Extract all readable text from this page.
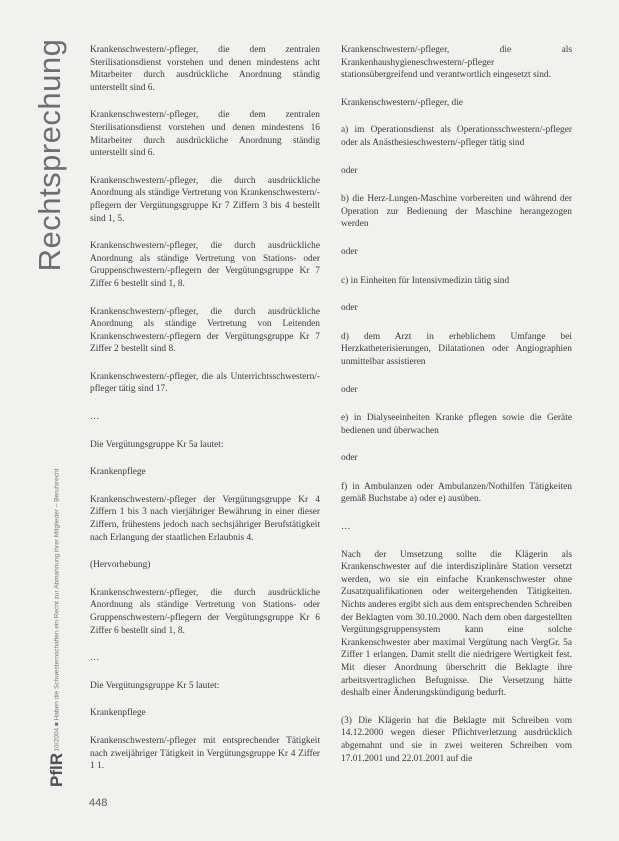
Rechtsprechung
10/2004 ■ Haben die Schwesternschaften ein Recht zur Abmahnung ihrer Mitglieder – Berufsrecht
PflR

Krankenschwestern/-pfleger, die dem zentralen Sterilisationsdienst vorstehen und denen mindestens acht Mitarbeiter durch ausdrückliche Anordnung ständig unterstellt sind 6.

Krankenschwestern/-pfleger, die dem zentralen Sterilisationsdienst vorstehen und denen mindestens 16 Mitarbeiter durch ausdrückliche Anordnung ständig unterstellt sind 6.

Krankenschwestern/-pfleger, die durch ausdrückliche Anordnung als ständige Vertretung von Krankenschwestern/-pflegern der Vergütungsgruppe Kr 7 Ziffern 3 bis 4 bestellt sind 1, 5.

Krankenschwestern/-pfleger, die durch ausdrückliche Anordnung als ständige Vertretung von Stations- oder Gruppenschwestern/-pflegern der Vergütungsgruppe Kr 7 Ziffer 6 bestellt sind 1, 8.

Krankenschwestern/-pfleger, die durch ausdrückliche Anordnung als ständige Vertretung von Leitenden Krankenschwestern/-pflegern der Vergütungsgruppe Kr 7 Ziffer 2 bestellt sind 8.

Krankenschwestern/-pfleger, die als Unterrichtsschwestern/-pfleger tätig sind 17.

…

Die Vergütungsgruppe Kr 5a lautet:

Krankenpflege

Krankenschwestern/-pfleger der Vergütungsgruppe Kr 4 Ziffern 1 bis 3 nach vierjähriger Bewährung in einer dieser Ziffern, frühestens jedoch nach sechsjähriger Berufstätigkeit nach Erlangung der staatlichen Erlaubnis 4.

(Hervorhebung)

Krankenschwestern/-pfleger, die durch ausdrückliche Anordnung als ständige Vertretung von Stations- oder Gruppenschwestern/-pflegern der Vergütungsgruppe Kr 6 Ziffer 6 bestellt sind 1, 8.

…

Die Vergütungsgruppe Kr 5 lautet:

Krankenpflege

Krankenschwestern/-pfleger mit entsprechender Tätigkeit nach zweijähriger Tätigkeit in Vergütungsgruppe Kr 4 Ziffer 1 1.

Krankenschwestern/-pfleger, die als Krankenhaushygieneschwestern/-pfleger stationsübergreifend und verantwortlich eingesetzt sind.

Krankenschwestern/-pfleger, die

a) im Operationsdienst als Operationsschwestern/-pfleger oder als Anästhesieschwestern/-pfleger tätig sind

oder

b) die Herz-Lungen-Maschine vorbereiten und während der Operation zur Bedienung der Maschine herangezogen werden

oder

c) in Einheiten für Intensivmedizin tätig sind

oder

d) dem Arzt in erheblichem Umfange bei Herzkatheterisierungen, Dilatationen oder Angiographien unmittelbar assistieren

oder

e) in Dialyseeinheiten Kranke pflegen sowie die Geräte bedienen und überwachen

oder

f) in Ambulanzen oder Ambulanzen/Nothilfen Tätigkeiten gemäß Buchstabe a) oder e) ausüben.

…

Nach der Umsetzung sollte die Klägerin als Krankenschwester auf die interdisziplinäre Station versetzt werden, wo sie ein einfache Krankenschwester ohne Zusatzqualifikationen oder weitergehenden Tätigkeiten. Nichts anderes ergibt sich aus dem entsprechenden Schreiben der Beklagten vom 30.10.2000. Nach dem oben dargestellten Vergütungsgruppensystem kann eine solche Krankenschwester aber maximal Vergütung nach VergGr. 5a Ziffer 1 erlangen. Damit stellt die niedrigere Wertigkeit fest. Mit dieser Anordnung überschritt die Beklagte ihre arbeitsvertraglichen Befugnisse. Die Versetzung hätte deshalb einer Änderungskündigung bedurft.

(3) Die Klägerin hat die Beklagte mit Schreiben vom 14.12.2000 wegen dieser Pflichtverletzung ausdrücklich abgemahnt und sie in zwei weiteren Schreiben vom 17.01.2001 und 22.01.2001 auf die

448
